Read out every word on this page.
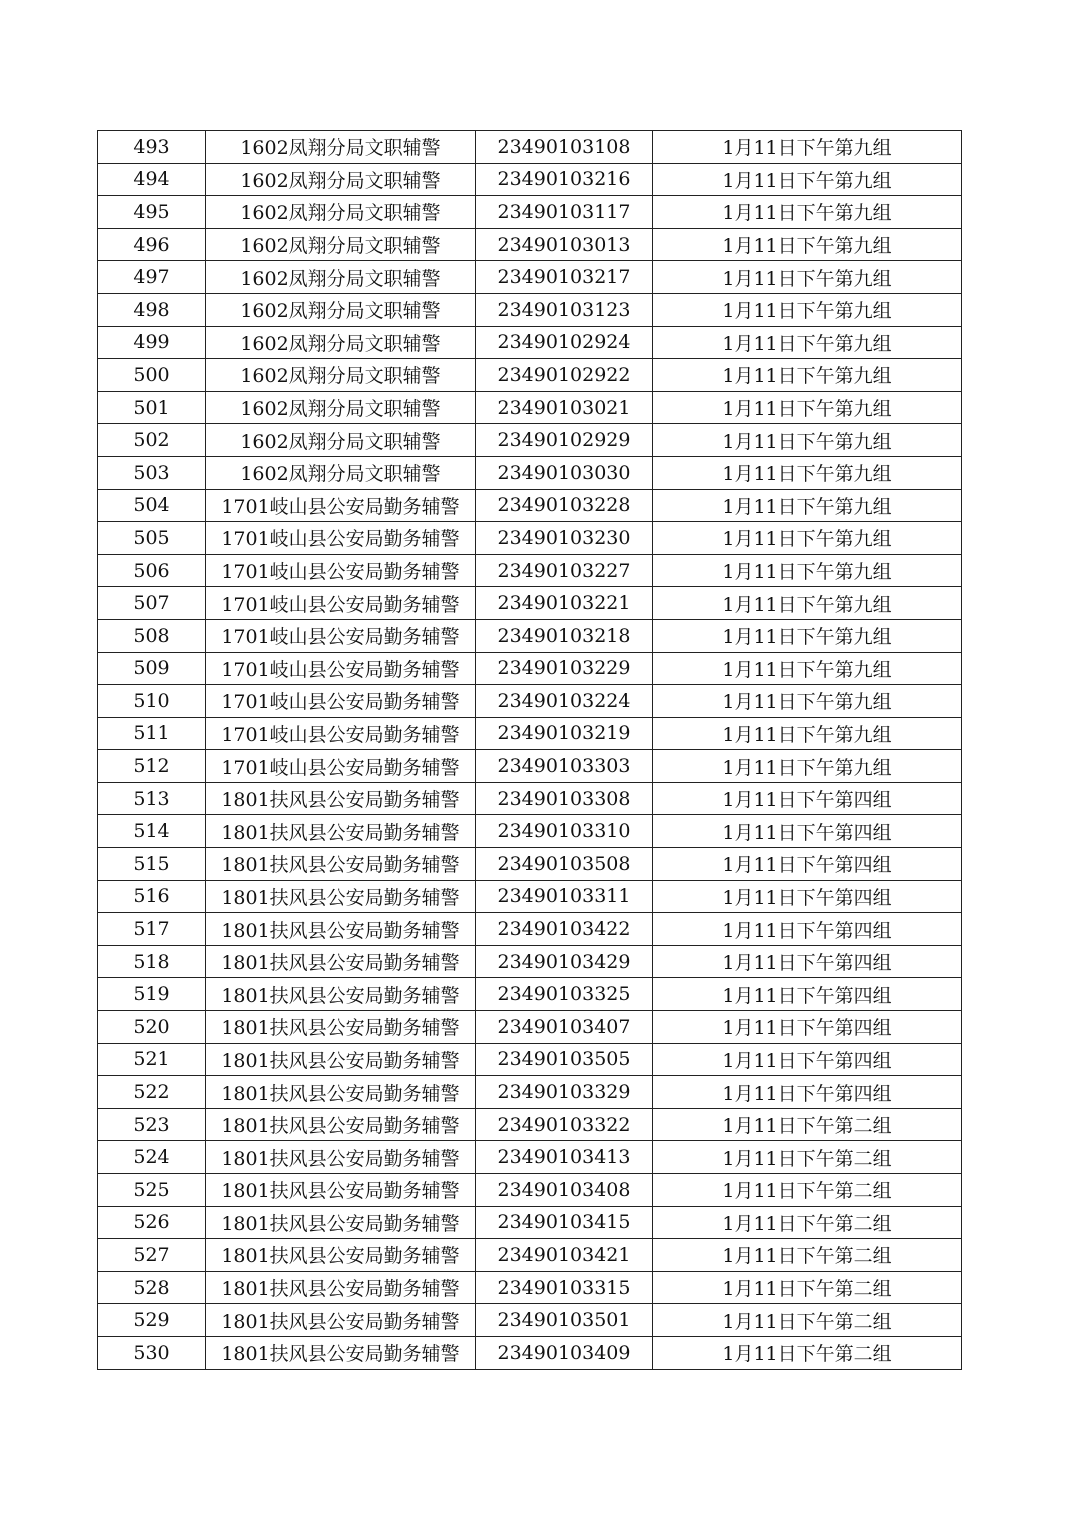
493	1602凤翔分局文职辅警	23490103108	1月11日下午第九组
494	1602凤翔分局文职辅警	23490103216	1月11日下午第九组
495	1602凤翔分局文职辅警	23490103117	1月11日下午第九组
496	1602凤翔分局文职辅警	23490103013	1月11日下午第九组
497	1602凤翔分局文职辅警	23490103217	1月11日下午第九组
498	1602凤翔分局文职辅警	23490103123	1月11日下午第九组
499	1602凤翔分局文职辅警	23490102924	1月11日下午第九组
500	1602凤翔分局文职辅警	23490102922	1月11日下午第九组
501	1602凤翔分局文职辅警	23490103021	1月11日下午第九组
502	1602凤翔分局文职辅警	23490102929	1月11日下午第九组
503	1602凤翔分局文职辅警	23490103030	1月11日下午第九组
504	1701岐山县公安局勤务辅警	23490103228	1月11日下午第九组
505	1701岐山县公安局勤务辅警	23490103230	1月11日下午第九组
506	1701岐山县公安局勤务辅警	23490103227	1月11日下午第九组
507	1701岐山县公安局勤务辅警	23490103221	1月11日下午第九组
508	1701岐山县公安局勤务辅警	23490103218	1月11日下午第九组
509	1701岐山县公安局勤务辅警	23490103229	1月11日下午第九组
510	1701岐山县公安局勤务辅警	23490103224	1月11日下午第九组
511	1701岐山县公安局勤务辅警	23490103219	1月11日下午第九组
512	1701岐山县公安局勤务辅警	23490103303	1月11日下午第九组
513	1801扶风县公安局勤务辅警	23490103308	1月11日下午第四组
514	1801扶风县公安局勤务辅警	23490103310	1月11日下午第四组
515	1801扶风县公安局勤务辅警	23490103508	1月11日下午第四组
516	1801扶风县公安局勤务辅警	23490103311	1月11日下午第四组
517	1801扶风县公安局勤务辅警	23490103422	1月11日下午第四组
518	1801扶风县公安局勤务辅警	23490103429	1月11日下午第四组
519	1801扶风县公安局勤务辅警	23490103325	1月11日下午第四组
520	1801扶风县公安局勤务辅警	23490103407	1月11日下午第四组
521	1801扶风县公安局勤务辅警	23490103505	1月11日下午第四组
522	1801扶风县公安局勤务辅警	23490103329	1月11日下午第四组
523	1801扶风县公安局勤务辅警	23490103322	1月11日下午第二组
524	1801扶风县公安局勤务辅警	23490103413	1月11日下午第二组
525	1801扶风县公安局勤务辅警	23490103408	1月11日下午第二组
526	1801扶风县公安局勤务辅警	23490103415	1月11日下午第二组
527	1801扶风县公安局勤务辅警	23490103421	1月11日下午第二组
528	1801扶风县公安局勤务辅警	23490103315	1月11日下午第二组
529	1801扶风县公安局勤务辅警	23490103501	1月11日下午第二组
530	1801扶风县公安局勤务辅警	23490103409	1月11日下午第二组
